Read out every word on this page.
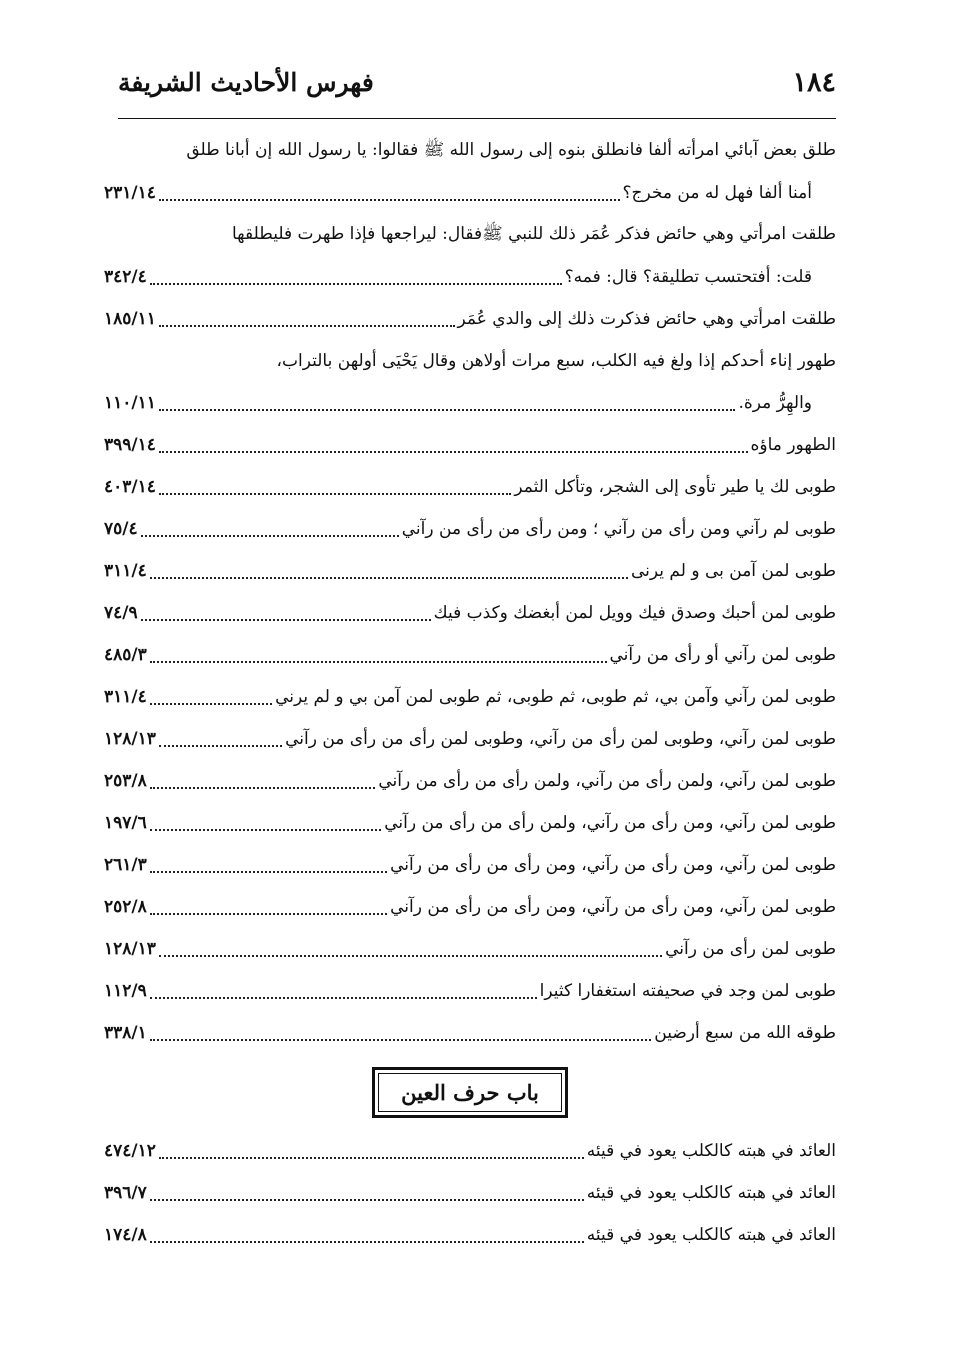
١٨٤
فهرس الأحاديث الشريفة
طلق بعض آبائي امرأته ألفا فانطلق بنوه إلى رسول الله ﷺ فقالوا: يا رسول الله إن أبانا طلق
أمنا ألفا فهل له من مخرج؟
٢٣١/١٤
طلقت امرأتي وهي حائض فذكر عُمَر ذلك للنبي ﷺفقال: ليراجعها فإذا طهرت فليطلقها
قلت: أفتحتسب تطليقة؟ قال: فمه؟
٣٤٢/٤
طلقت امرأتي وهي حائض فذكرت ذلك إلى والدي عُمَر
١٨٥/١١
طهور إناء أحدكم إذا ولغ فيه الكلب، سبع مرات أولاهن وقال يَحْيَى أولهن بالتراب،
والهِرُّ مرة.
١١٠/١١
الطهور ماؤه
٣٩٩/١٤
طوبى لك يا طير تأوى إلى الشجر، وتأكل الثمر
٤٠٣/١٤
طوبى لم رآني ومن رأى من رآني ؛ ومن رأى من رأى من رآني
٧٥/٤
طوبى لمن آمن بى و لم يرنى
٣١١/٤
طوبى لمن أحبك وصدق فيك وويل لمن أبغضك وكذب فيك
٧٤/٩
طوبى لمن رآني أو رأى من رآني
٤٨٥/٣
طوبى لمن رآني وآمن بي، ثم طوبى، ثم طوبى، ثم طوبى لمن آمن بي و لم يرني
٣١١/٤
طوبى لمن رآني، وطوبى لمن رأى من رآني، وطوبى لمن رأى من رأى من رآني
١٢٨/١٣
طوبى لمن رآني، ولمن رأى من رآني، ولمن رأى من رأى من رآني
٢٥٣/٨
طوبى لمن رآني، ومن رأى من رآني، ولمن رأى من رأى من رآني
١٩٧/٦
طوبى لمن رآني، ومن رأى من رآني، ومن رأى من رأى من رآني
٢٦١/٣
طوبى لمن رآني، ومن رأى من رآني، ومن رأى من رأى من رآني
٢٥٢/٨
طوبى لمن رأى من رآني
١٢٨/١٣
طوبى لمن وجد في صحيفته استغفارا كثيرا
١١٢/٩
طوقه الله من سبع أرضين
٣٣٨/١
باب حرف العين
العائد في هبته كالكلب يعود في قيئه
٤٧٤/١٢
العائد في هبته كالكلب يعود في قيئه
٣٩٦/٧
العائد في هبته كالكلب يعود في قيئه
١٧٤/٨
